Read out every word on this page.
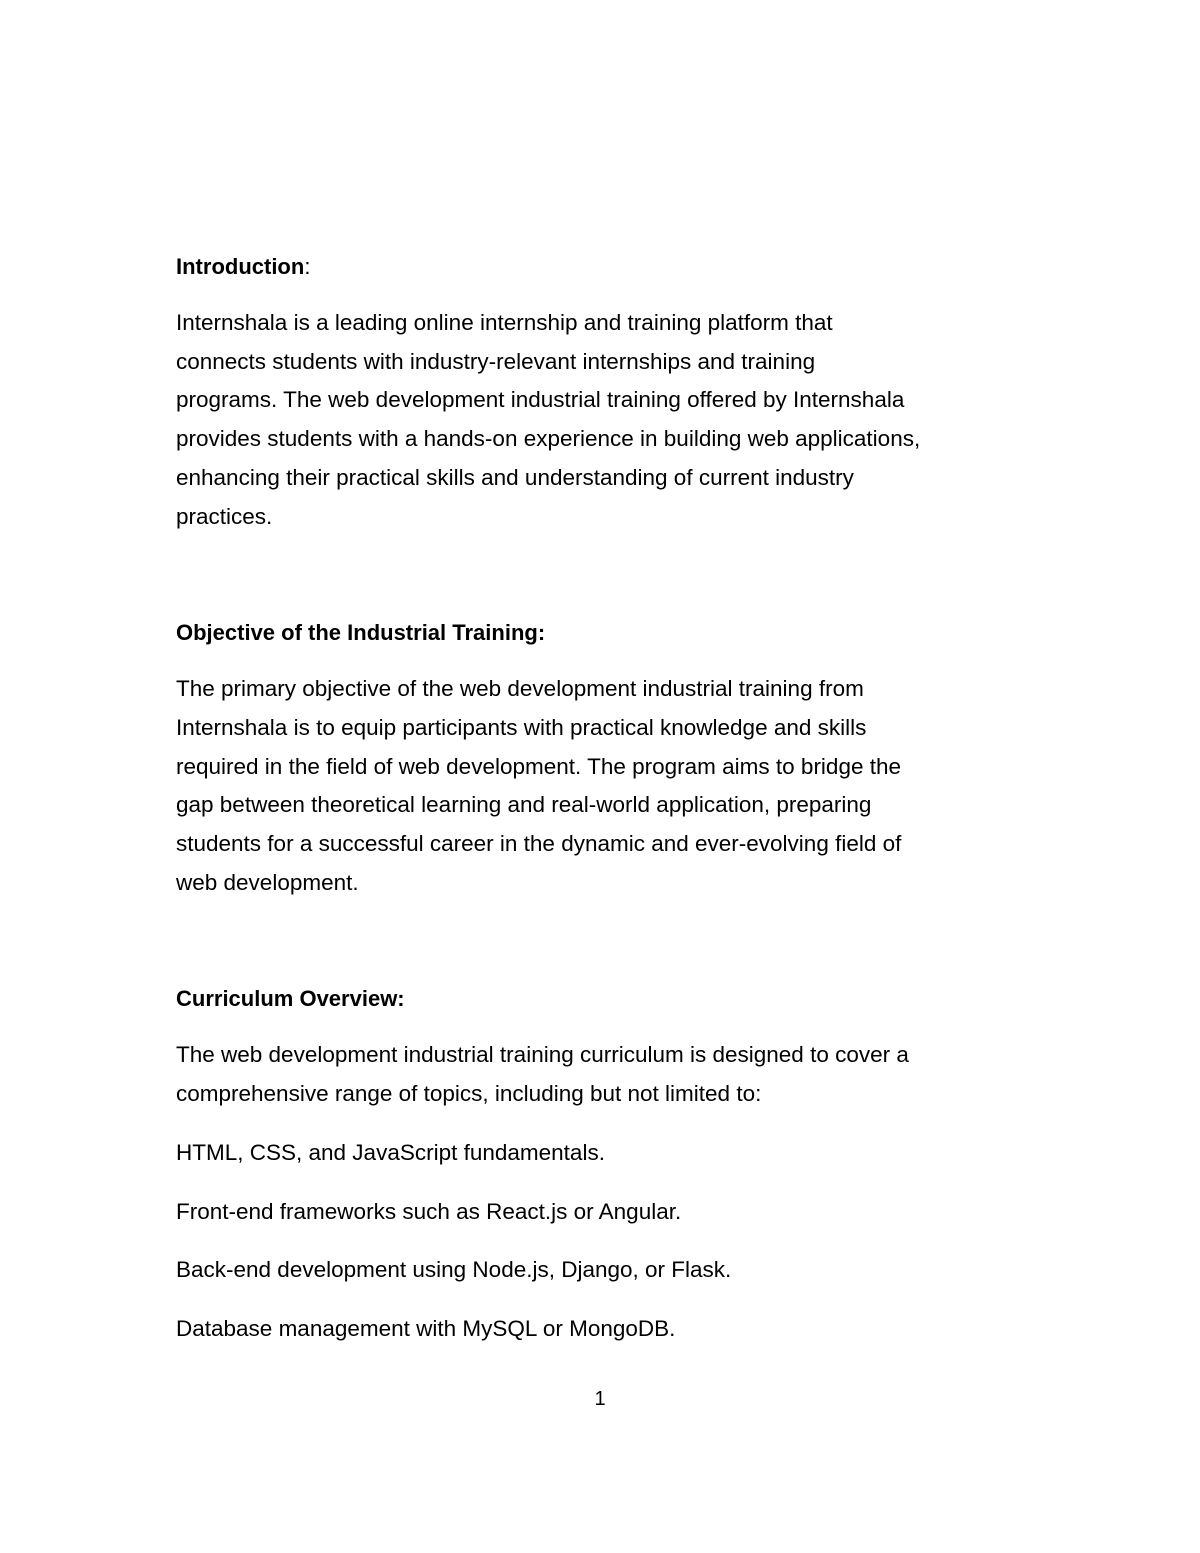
Introduction:

Internshala is a leading online internship and training platform that
connects students with industry-relevant internships and training
programs. The web development industrial training offered by Internshala
provides students with a hands-on experience in building web applications,
enhancing their practical skills and understanding of current industry
practices.

Objective of the Industrial Training:

The primary objective of the web development industrial training from
Internshala is to equip participants with practical knowledge and skills
required in the field of web development. The program aims to bridge the
gap between theoretical learning and real-world application, preparing
students for a successful career in the dynamic and ever-evolving field of
web development.

Curriculum Overview:

The web development industrial training curriculum is designed to cover a
comprehensive range of topics, including but not limited to:

HTML, CSS, and JavaScript fundamentals.

Front-end frameworks such as React.js or Angular.

Back-end development using Node.js, Django, or Flask.

Database management with MySQL or MongoDB.

1
